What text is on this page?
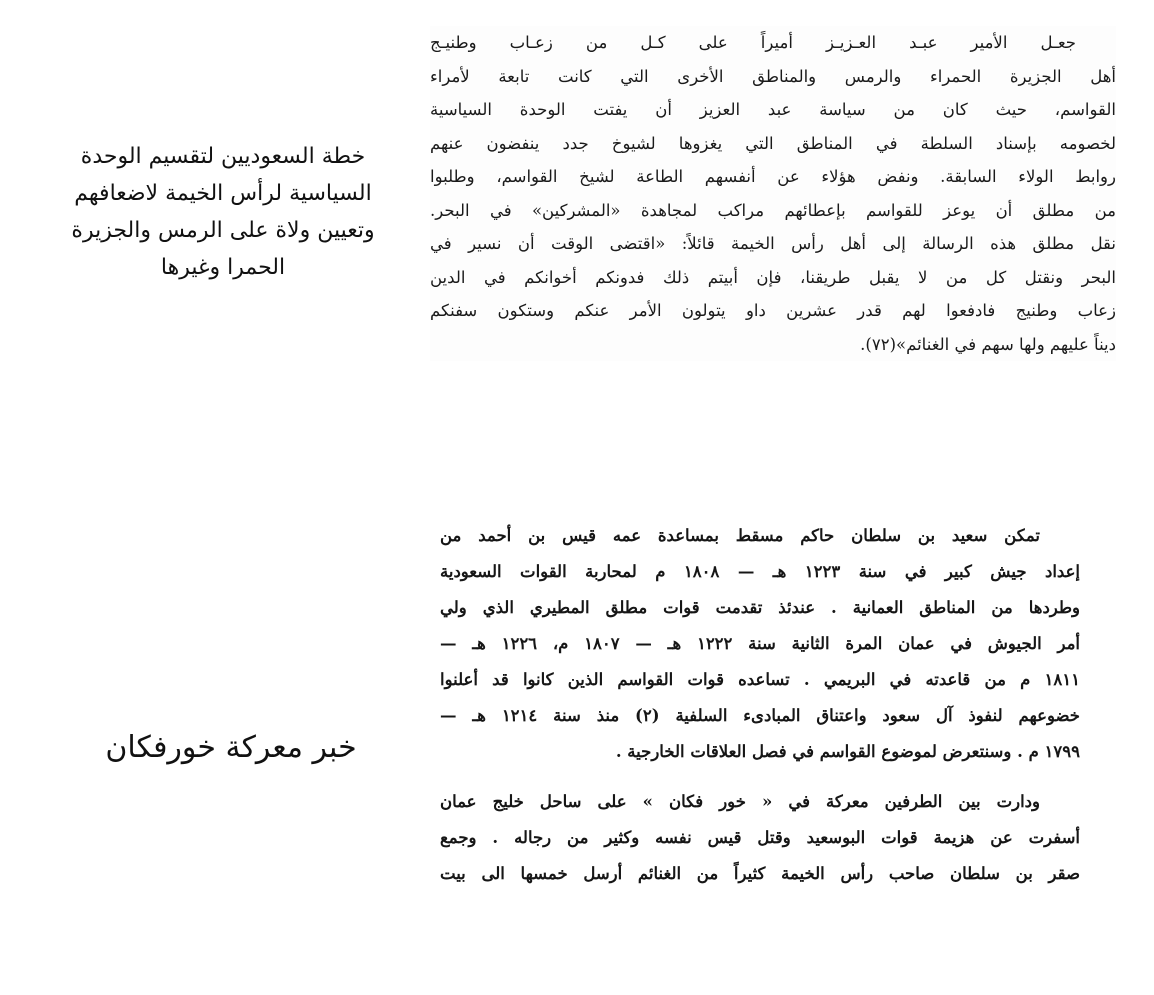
خطة السعوديين لتقسيم الوحدة
السياسية لرأس الخيمة لاضعافهم
وتعيين ولاة على الرمس والجزيرة
الحمرا وغيرها
خبر معركة خورفكان
جعـل الأمير عبـد العـزيـز أميراً على كـل من زعـاب وطنيـج
أهل الجزيرة الحمراء والرمس والمناطق الأخرى التي كانت تابعة لأمراء
القواسم، حيث كان من سياسة عبد العزيز أن يفتت الوحدة السياسية
لخصومه بإسناد السلطة في المناطق التي يغزوها لشيوخ جدد ينفضون عنهم
روابط الولاء السابقة. ونفض هؤلاء عن أنفسهم الطاعة لشيخ القواسم، وطلبوا
من مطلق أن يوعز للقواسم بإعطائهم مراكب لمجاهدة «المشركين» في البحر.
نقل مطلق هذه الرسالة إلى أهل رأس الخيمة قائلاً: «اقتضى الوقت أن نسير في
البحر ونقتل كل من لا يقبل طريقنا، فإن أبيتم ذلك فدونكم أخوانكم في الدين
زعاب وطنيج فادفعوا لهم قدر عشرين داو يتولون الأمر عنكم وستكون سفنكم
ديناً عليهم ولها سهم في الغنائم»(٧٢).
تمكن سعيد بن سلطان حاكم مسقط بمساعدة عمه قيس بن أحمد من
إعداد جيش كبير في سنة ١٢٢٣ هـ — ١٨٠٨ م لمحاربة القوات السعودية
وطردها من المناطق العمانية . عندئذ تقدمت قوات مطلق المطيري الذي ولي
أمر الجيوش في عمان المرة الثانية سنة ١٢٢٢ هـ — ١٨٠٧ م، ١٢٢٦ هـ —
١٨١١ م من قاعدته في البريمي . تساعده قوات القواسم الذين كانوا قد أعلنوا
خضوعهم لنفوذ آل سعود واعتناق المبادىء السلفية (٢) منذ سنة ١٢١٤ هـ —
١٧٩٩ م . وسنتعرض لموضوع القواسم في فصل العلاقات الخارجية .
ودارت بين الطرفين معركة في « خور فكان » على ساحل خليج عمان
أسفرت عن هزيمة قوات البوسعيد وقتل قيس نفسه وكثير من رجاله . وجمع
صقر بن سلطان صاحب رأس الخيمة كثيراً من الغنائم أرسل خمسها الى بيت
